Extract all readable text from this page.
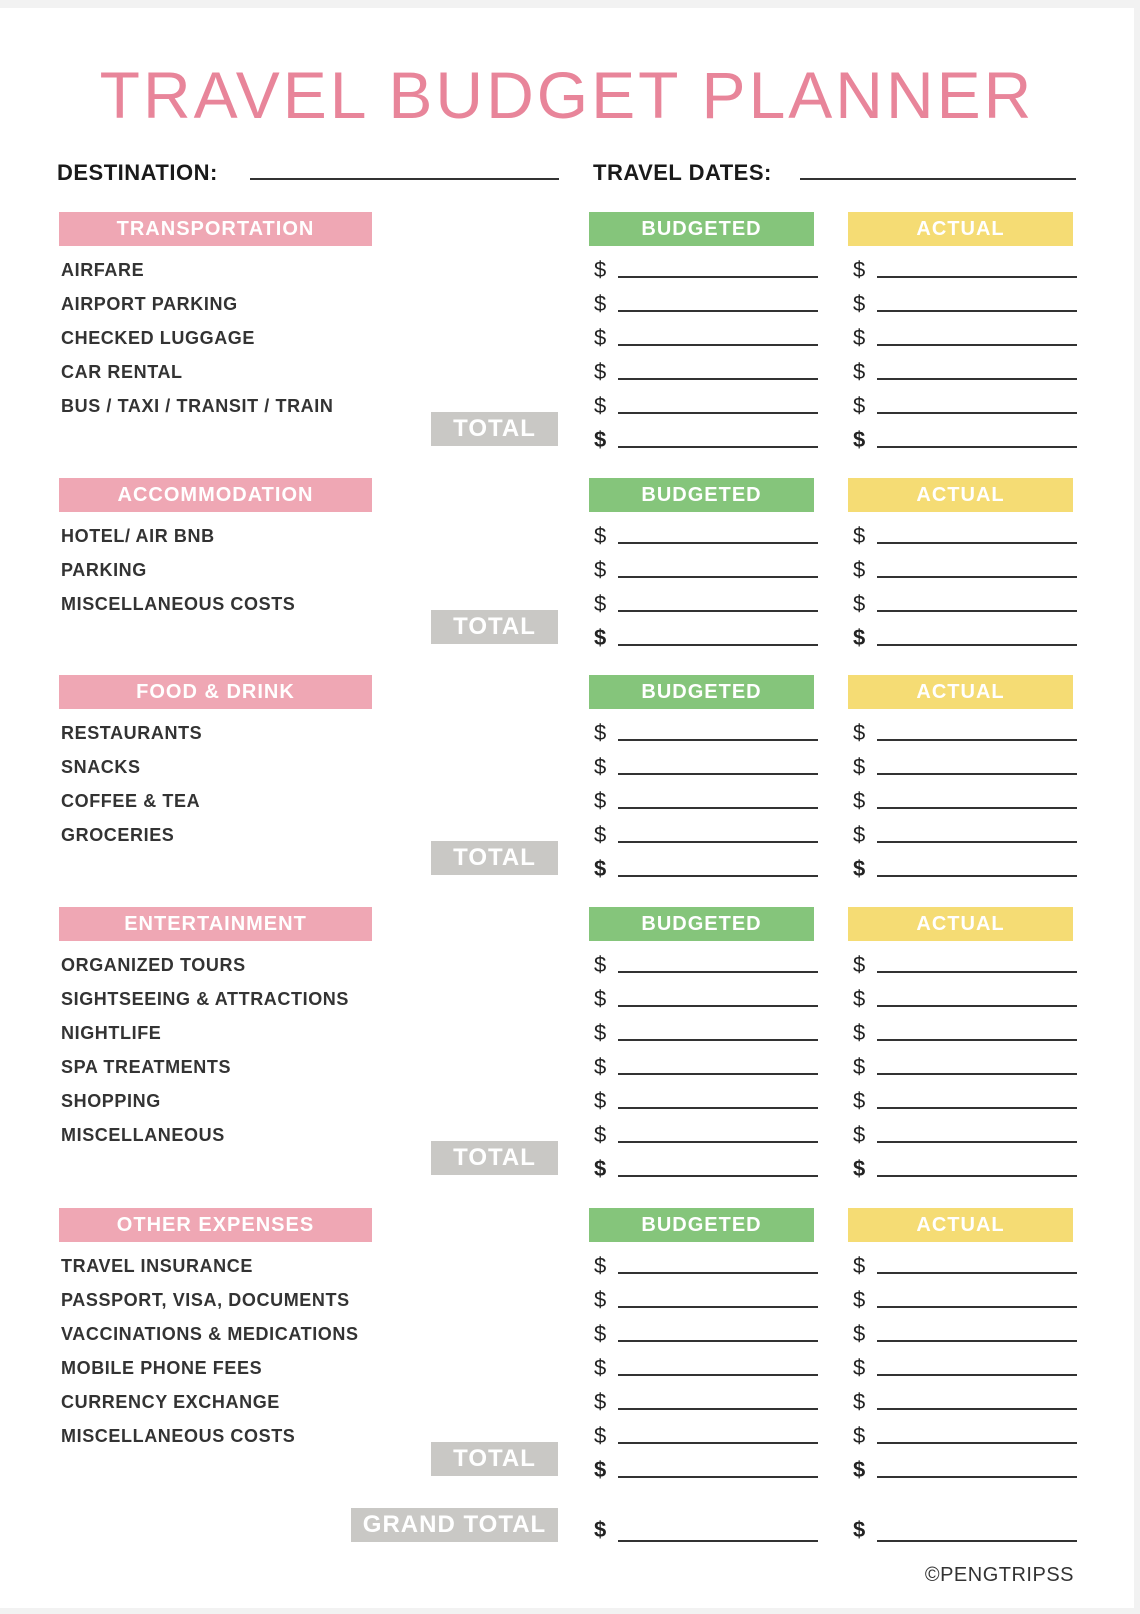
TRAVEL BUDGET PLANNER
DESTINATION:	TRAVEL DATES:
TRANSPORTATION	BUDGETED	ACTUAL
AIRFARE	$	$
AIRPORT PARKING	$	$
CHECKED LUGGAGE	$	$
CAR RENTAL	$	$
BUS / TAXI / TRANSIT / TRAIN	$	$
TOTAL	$	$
ACCOMMODATION	BUDGETED	ACTUAL
HOTEL/ AIR BNB	$	$
PARKING	$	$
MISCELLANEOUS COSTS	$	$
TOTAL	$	$
FOOD & DRINK	BUDGETED	ACTUAL
RESTAURANTS	$	$
SNACKS	$	$
COFFEE & TEA	$	$
GROCERIES	$	$
TOTAL	$	$
ENTERTAINMENT	BUDGETED	ACTUAL
ORGANIZED TOURS	$	$
SIGHTSEEING & ATTRACTIONS	$	$
NIGHTLIFE	$	$
SPA TREATMENTS	$	$
SHOPPING	$	$
MISCELLANEOUS	$	$
TOTAL	$	$
OTHER EXPENSES	BUDGETED	ACTUAL
TRAVEL INSURANCE	$	$
PASSPORT, VISA, DOCUMENTS	$	$
VACCINATIONS & MEDICATIONS	$	$
MOBILE PHONE FEES	$	$
CURRENCY EXCHANGE	$	$
MISCELLANEOUS COSTS	$	$
TOTAL	$	$
GRAND TOTAL	$	$
©PENGTRIPSS
